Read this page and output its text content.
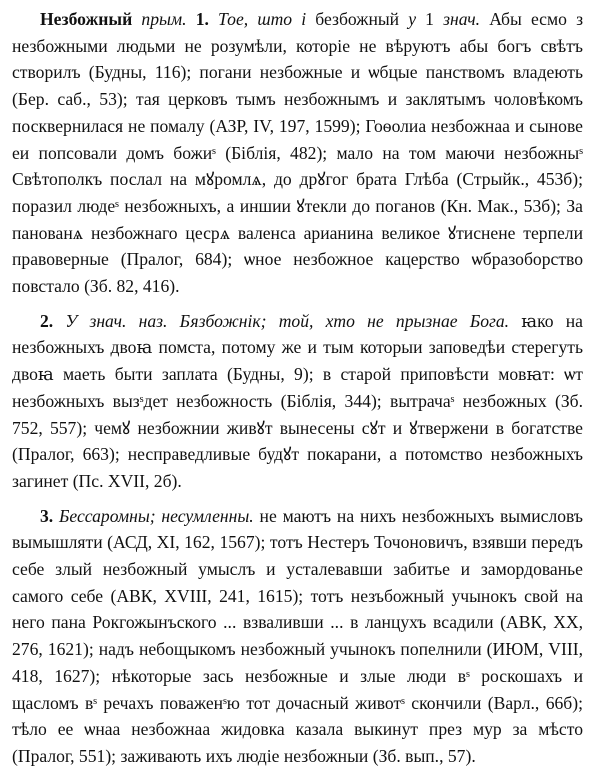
Незбожный прым. 1. Тое, што і безбожный у 1 знач. Абы есмо з незбожными людьми не розумѣли, которіе не вѣруютъ абы богъ свѣтъ створилъ (Будны, 116); погани незбожные и ѡбцые панствомъ владеють (Бер. саб., 53); тая церковъ тымъ незбожнымъ и заклятымъ чоловѣкомъ посквернилася не помалу (АЗР, IV, 197, 1599); Гоѳолиа незбожнаа и сынове еи попсовали домъ божиˢ (Біблія, 482); мало на том маючи незбожныˢ Свѣтополкъ послал на мꙋромлѧ, до дрꙋгог брата Глѣба (Стрыйк., 453б); поразил людеˢ незбожныхъ, а иншии ꙋтекли до поганов (Кн. Мак., 53б); За панованѧ незбожнаго цесрѧ валенса арианина великое ꙋтиснене терпели правоверные (Пралог, 684); ѡное незбожное кацерство ѡбразоборство повстало (Зб. 82, 416).

2. У знач. наз. Бязбожнік; той, хто не прызнае Бога. ꙗко на незбожныхъ двоꙗ помста, потому же и тым которыи заповедѣи стерегуть двоꙗ маеть быти заплата (Будны, 9); в старой приповѣсти мовꙗт: ѡт незбожныхъ вызˢдет незбожность (Біблія, 344); вытрачаˢ незбожных (Зб. 752, 557); чемꙋ незбожнии живꙋт вынесены сꙋт и ꙋтвержени в богатстве (Пралог, 663); несправедливые будꙋт покарани, а потомство незбожныхъ загинет (Пс. XVII, 2б).

3. Бессаромны; несумленны. не маютъ на нихъ незбожныхъ вымисловъ вымышляти (АСД, XI, 162, 1567); тотъ Нестеръ Точоновичъ, взявши передъ себе злый незбожный умыслъ и усталевавши забитье и замордованье самого себе (АВК, XVIII, 241, 1615); тотъ незъбожный учынокъ свой на него пана Рокгожынъского ... взваливши ... в ланцухъ всадили (АВК, XX, 276, 1621); надъ небощыкомъ незбожный учынокъ попелнили (ИЮМ, VIII, 418, 1627); нѣкоторые зась незбожные и злые люди вˢ роскошахъ и щасломъ вˢ речахъ поваженˢю тот дочасный животˢ скончили (Варл., 66б); тѣло ее ѡнаа незбожнаа жидовка казала выкинут през мур за мѣсто (Пралог, 551); заживають ихъ людіе незбожныи (Зб. вып., 57).
